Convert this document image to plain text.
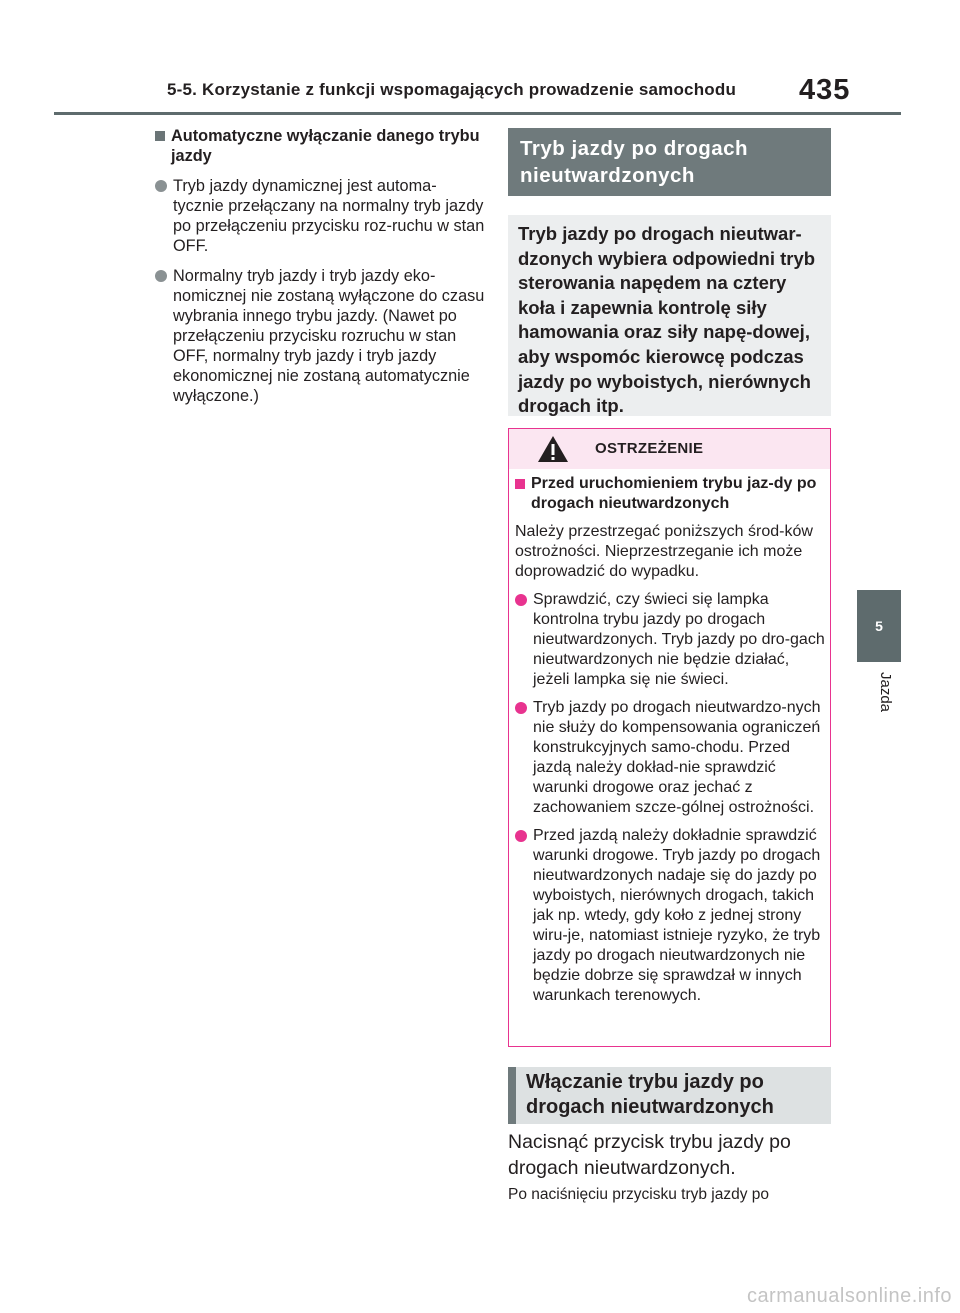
5-5. Korzystanie z funkcji wspomagających prowadzenie samochodu 435
5
Jazda
Automatyczne wyłączanie danego trybu jazdy
Tryb jazdy dynamicznej jest automa-tycznie przełączany na normalny tryb jazdy po przełączeniu przycisku roz-ruchu w stan OFF.
Normalny tryb jazdy i tryb jazdy eko-nomicznej nie zostaną wyłączone do czasu wybrania innego trybu jazdy. (Nawet po przełączeniu przycisku rozruchu w stan OFF, normalny tryb jazdy i tryb jazdy ekonomicznej nie zostaną automatycznie wyłączone.)
Tryb jazdy po drogach nieutwardzonych
Tryb jazdy po drogach nieutwar-dzonych wybiera odpowiedni tryb sterowania napędem na cztery koła i zapewnia kontrolę siły hamowania oraz siły napę-dowej, aby wspomóc kierowcę podczas jazdy po wyboistych, nierównych drogach itp.
OSTRZEŻENIE
Przed uruchomieniem trybu jaz-dy po drogach nieutwardzonych
Należy przestrzegać poniższych środ-ków ostrożności. Nieprzestrzeganie ich może doprowadzić do wypadku.
Sprawdzić, czy świeci się lampka kontrolna trybu jazdy po drogach nieutwardzonych. Tryb jazdy po dro-gach nieutwardzonych nie będzie działać, jeżeli lampka się nie świeci.
Tryb jazdy po drogach nieutwardzo-nych nie służy do kompensowania ograniczeń konstrukcyjnych samo-chodu. Przed jazdą należy dokład-nie sprawdzić warunki drogowe oraz jechać z zachowaniem szcze-gólnej ostrożności.
Przed jazdą należy dokładnie sprawdzić warunki drogowe. Tryb jazdy po drogach nieutwardzonych nadaje się do jazdy po wyboistych, nierównych drogach, takich jak np. wtedy, gdy koło z jednej strony wiru-je, natomiast istnieje ryzyko, że tryb jazdy po drogach nieutwardzonych nie będzie dobrze się sprawdzał w innych warunkach terenowych.
Włączanie trybu jazdy po drogach nieutwardzonych
Nacisnąć przycisk trybu jazdy po drogach nieutwardzonych.
Po naciśnięciu przycisku tryb jazdy po
carmanualsonline.info
